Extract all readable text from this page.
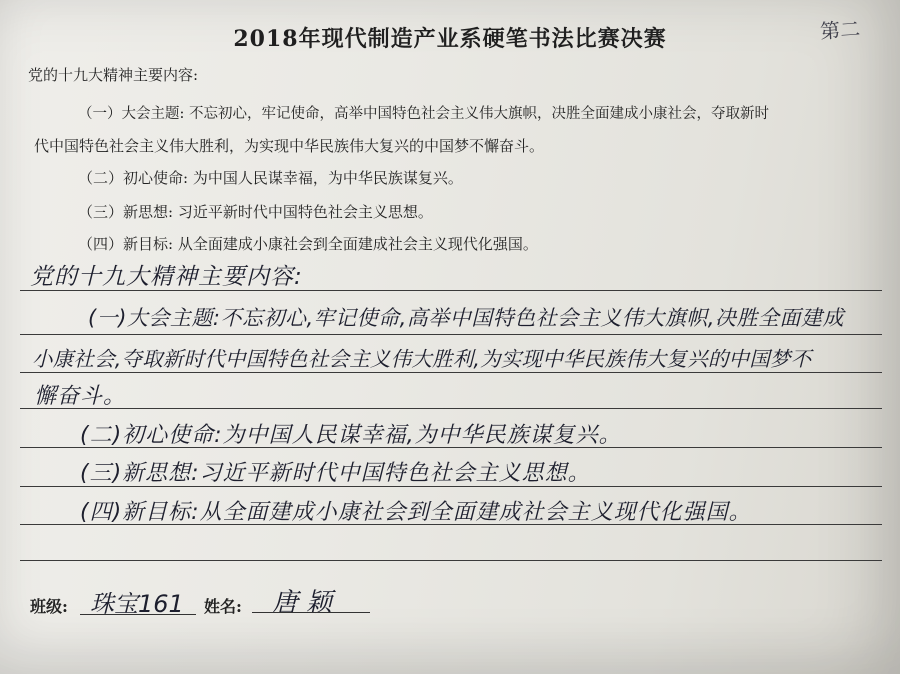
第二
2018年现代制造产业系硬笔书法比赛决赛
党的十九大精神主要内容:
（一）大会主题: 不忘初心，牢记使命，高举中国特色社会主义伟大旗帜，决胜全面建成小康社会，夺取新时
代中国特色社会主义伟大胜利，为实现中华民族伟大复兴的中国梦不懈奋斗。
（二）初心使命: 为中国人民谋幸福，为中华民族谋复兴。
（三）新思想: 习近平新时代中国特色社会主义思想。
（四）新目标: 从全面建成小康社会到全面建成社会主义现代化强国。
党的十九大精神主要内容:
(一)大会主题:不忘初心,牢记使命,高举中国特色社会主义伟大旗帜,决胜全面建成
小康社会,夺取新时代中国特色社会主义伟大胜利,为实现中华民族伟大复兴的中国梦不
懈奋斗。
(二)初心使命:为中国人民谋幸福,为中华民族谋复兴。
(三)新思想:习近平新时代中国特色社会主义思想。
(四)新目标:从全面建成小康社会到全面建成社会主义现代化强国。
班级: 珠宝161 姓名: 唐颖
